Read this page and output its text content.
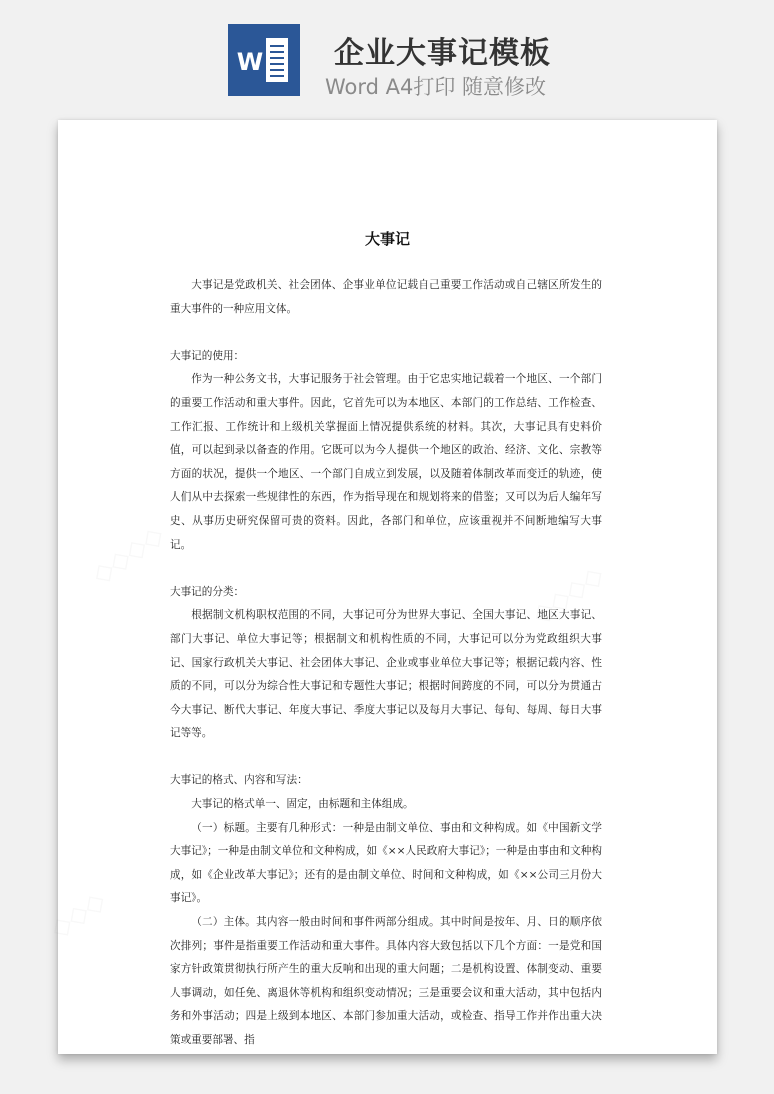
W 企业大事记模板
Word A4打印 随意修改
◇◇◇◇
◇◇◇◇
◇◇◇
大事记

大事记是党政机关、社会团体、企事业单位记载自己重要工作活动或自己辖区所发生的重大事件的一种应用文体。

大事记的使用：

作为一种公务文书，大事记服务于社会管理。由于它忠实地记载着一个地区、一个部门的重要工作活动和重大事件。因此，它首先可以为本地区、本部门的工作总结、工作检查、工作汇报、工作统计和上级机关掌握面上情况提供系统的材料。其次，大事记具有史料价值，可以起到录以备查的作用。它既可以为今人提供一个地区的政治、经济、文化、宗教等方面的状况，提供一个地区、一个部门自成立到发展，以及随着体制改革而变迁的轨迹，使人们从中去探索一些规律性的东西，作为指导现在和规划将来的借鉴；又可以为后人编年写史、从事历史研究保留可贵的资料。因此，各部门和单位，应该重视并不间断地编写大事记。

大事记的分类：

根据制文机构职权范围的不同，大事记可分为世界大事记、全国大事记、地区大事记、部门大事记、单位大事记等；根据制文和机构性质的不同，大事记可以分为党政组织大事记、国家行政机关大事记、社会团体大事记、企业或事业单位大事记等；根据记载内容、性质的不同，可以分为综合性大事记和专题性大事记；根据时间跨度的不同，可以分为贯通古今大事记、断代大事记、年度大事记、季度大事记以及每月大事记、每旬、每周、每日大事记等等。

大事记的格式、内容和写法：

大事记的格式单一、固定，由标题和主体组成。

（一）标题。主要有几种形式：一种是由制文单位、事由和文种构成。如《中国新文学大事记》；一种是由制文单位和文种构成，如《××人民政府大事记》；一种是由事由和文种构成，如《企业改革大事记》；还有的是由制文单位、时间和文种构成，如《××公司三月份大事记》。

（二）主体。其内容一般由时间和事件两部分组成。其中时间是按年、月、日的顺序依次排列；事件是指重要工作活动和重大事件。具体内容大致包括以下几个方面：一是党和国家方针政策贯彻执行所产生的重大反响和出现的重大问题；二是机构设置、体制变动、重要人事调动，如任免、离退休等机构和组织变动情况；三是重要会议和重大活动，其中包括内务和外事活动；四是上级到本地区、本部门参加重大活动，或检查、指导工作并作出重大决策或重要部署、指
